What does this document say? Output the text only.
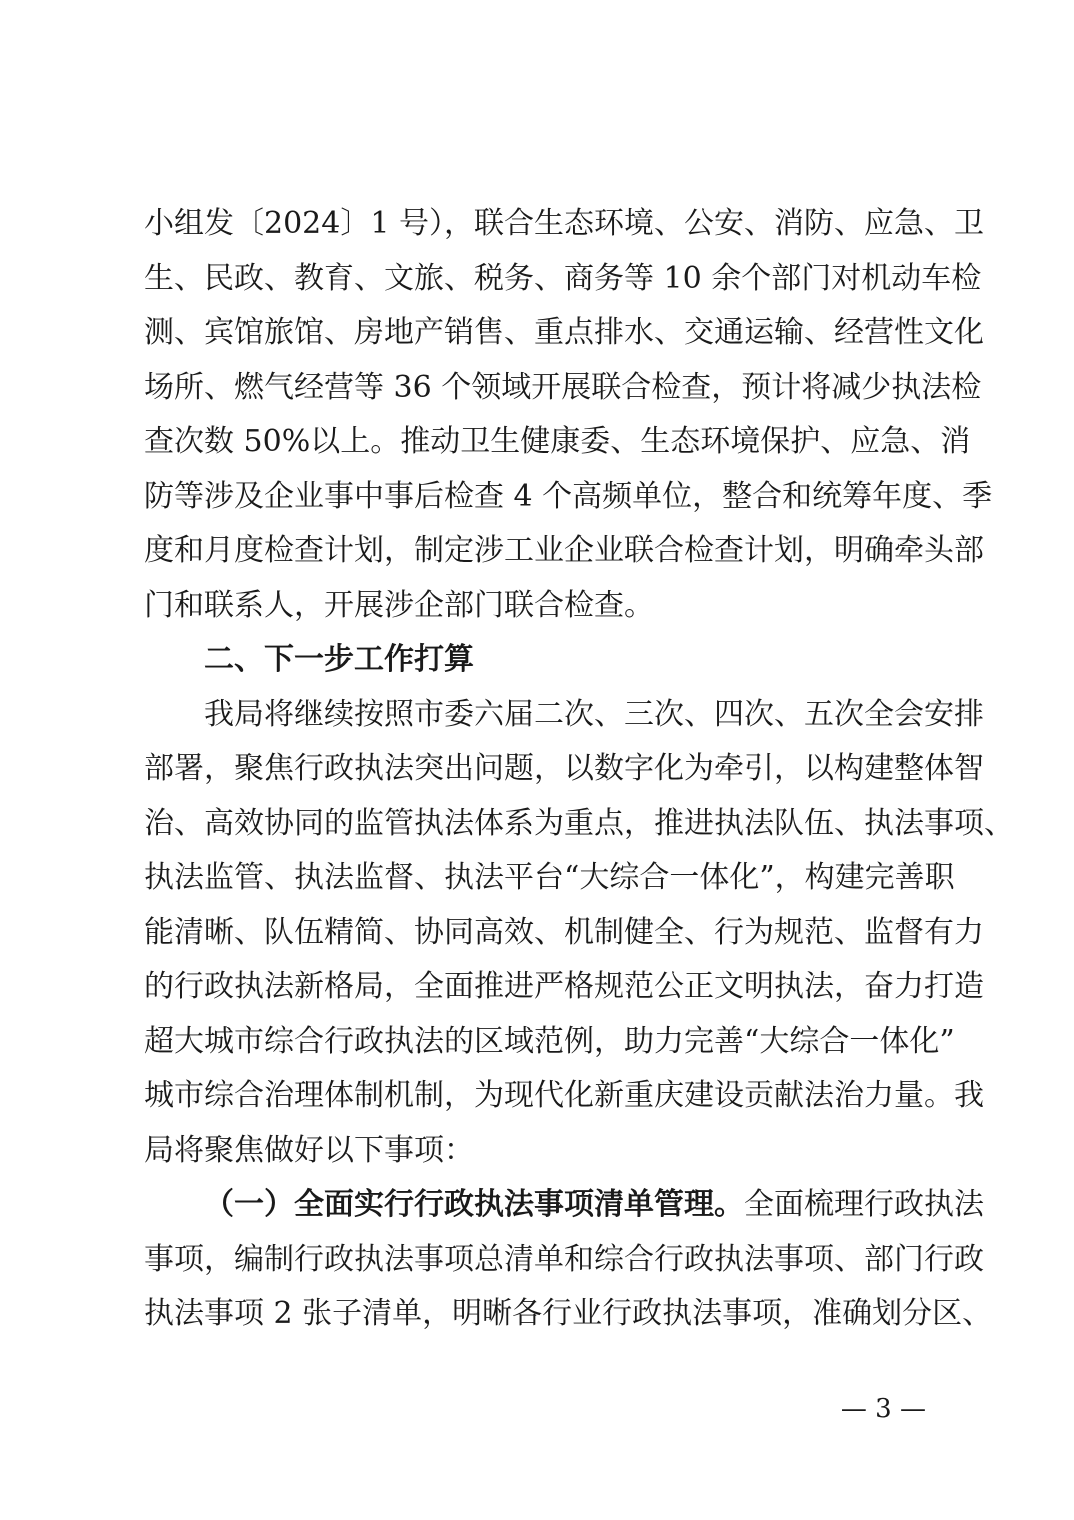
小组发〔2024〕1 号），联合生态环境、公安、消防、应急、卫
生、民政、教育、文旅、税务、商务等 10 余个部门对机动车检
测、宾馆旅馆、房地产销售、重点排水、交通运输、经营性文化
场所、燃气经营等 36 个领域开展联合检查，预计将减少执法检
查次数 50%以上。推动卫生健康委、生态环境保护、应急、消
防等涉及企业事中事后检查 4 个高频单位，整合和统筹年度、季
度和月度检查计划，制定涉工业企业联合检查计划，明确牵头部
门和联系人，开展涉企部门联合检查。
二、下一步工作打算
我局将继续按照市委六届二次、三次、四次、五次全会安排
部署，聚焦行政执法突出问题，以数字化为牵引，以构建整体智
治、高效协同的监管执法体系为重点，推进执法队伍、执法事项、
执法监管、执法监督、执法平台“大综合一体化”，构建完善职
能清晰、队伍精简、协同高效、机制健全、行为规范、监督有力
的行政执法新格局，全面推进严格规范公正文明执法，奋力打造
超大城市综合行政执法的区域范例，助力完善“大综合一体化”
城市综合治理体制机制，为现代化新重庆建设贡献法治力量。我
局将聚焦做好以下事项：
（一）全面实行行政执法事项清单管理。全面梳理行政执法
事项，编制行政执法事项总清单和综合行政执法事项、部门行政
执法事项 2 张子清单，明晰各行业行政执法事项，准确划分区、
— 3 —
